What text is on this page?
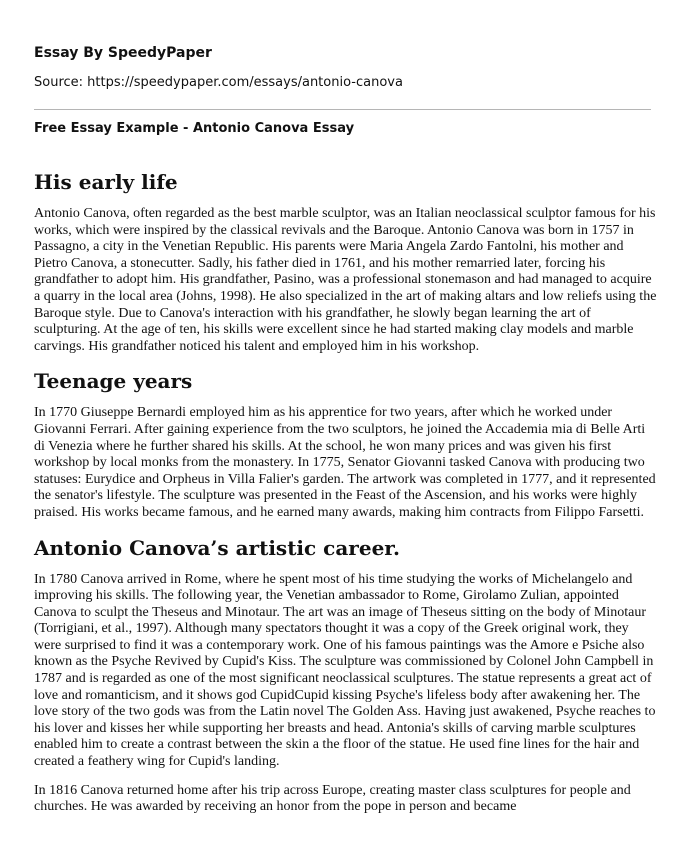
Essay By SpeedyPaper
Source: https://speedypaper.com/essays/antonio-canova
Free Essay Example - Antonio Canova Essay
His early life

Antonio Canova, often regarded as the best marble sculptor, was an Italian neoclassical sculptor famous for his works, which were inspired by the classical revivals and the Baroque. Antonio Canova was born in 1757 in Passagno, a city in the Venetian Republic. His parents were Maria Angela Zardo Fantolni, his mother and Pietro Canova, a stonecutter. Sadly, his father died in 1761, and his mother remarried later, forcing his grandfather to adopt him. His grandfather, Pasino, was a professional stonemason and had managed to acquire a quarry in the local area (Johns, 1998). He also specialized in the art of making altars and low reliefs using the Baroque style. Due to Canova's interaction with his grandfather, he slowly began learning the art of sculpturing. At the age of ten, his skills were excellent since he had started making clay models and marble carvings. His grandfather noticed his talent and employed him in his workshop.

Teenage years

In 1770 Giuseppe Bernardi employed him as his apprentice for two years, after which he worked under Giovanni Ferrari. After gaining experience from the two sculptors, he joined the Accademia mia di Belle Arti di Venezia where he further shared his skills. At the school, he won many prices and was given his first workshop by local monks from the monastery. In 1775, Senator Giovanni tasked Canova with producing two statuses: Eurydice and Orpheus in Villa Falier's garden. The artwork was completed in 1777, and it represented the senator's lifestyle. The sculpture was presented in the Feast of the Ascension, and his works were highly praised. His works became famous, and he earned many awards, making him contracts from Filippo Farsetti.

Antonio Canova’s artistic career.

In 1780 Canova arrived in Rome, where he spent most of his time studying the works of Michelangelo and improving his skills. The following year, the Venetian ambassador to Rome, Girolamo Zulian, appointed Canova to sculpt the Theseus and Minotaur. The art was an image of Theseus sitting on the body of Minotaur (Torrigiani, et al., 1997). Although many spectators thought it was a copy of the Greek original work, they were surprised to find it was a contemporary work. One of his famous paintings was the Amore e Psiche also known as the Psyche Revived by Cupid's Kiss. The sculpture was commissioned by Colonel John Campbell in 1787 and is regarded as one of the most significant neoclassical sculptures. The statue represents a great act of love and romanticism, and it shows god CupidCupid kissing Psyche's lifeless body after awakening her. The love story of the two gods was from the Latin novel The Golden Ass. Having just awakened, Psyche reaches to his lover and kisses her while supporting her breasts and head. Antonia's skills of carving marble sculptures enabled him to create a contrast between the skin a the floor of the statue. He used fine lines for the hair and created a feathery wing for Cupid's landing.

In 1816 Canova returned home after his trip across Europe, creating master class sculptures for people and churches. He was awarded by receiving an honor from the pope in person and became
